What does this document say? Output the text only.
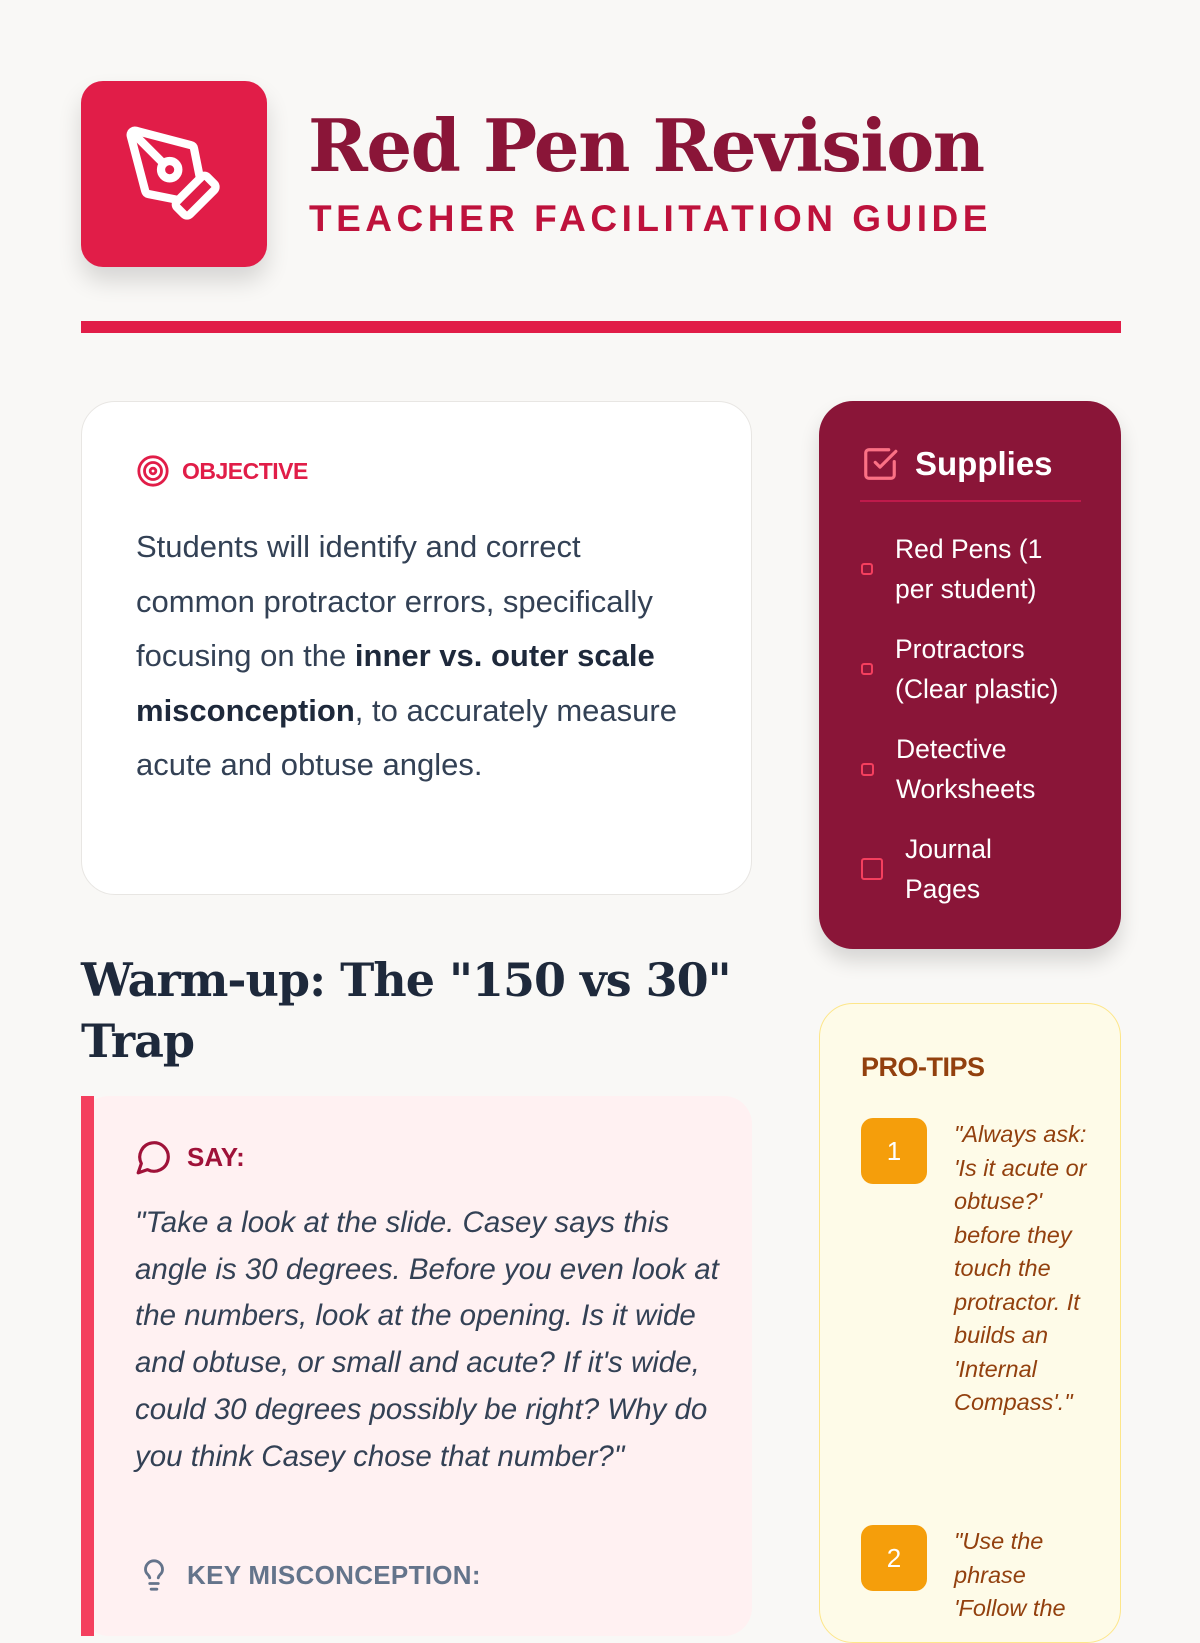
Red Pen Revision
TEACHER FACILITATION GUIDE
OBJECTIVE
Students will identify and correct common protractor errors, specifically focusing on the inner vs. outer scale misconception, to accurately measure acute and obtuse angles.
Warm-up: The "150 vs 30" Trap
SAY:
"Take a look at the slide. Casey says this angle is 30 degrees. Before you even look at the numbers, look at the opening. Is it wide and obtuse, or small and acute? If it's wide, could 30 degrees possibly be right? Why do you think Casey chose that number?"
KEY MISCONCEPTION:
Supplies
Red Pens (1 per student)
Protractors (Clear plastic)
Detective Worksheets
Journal Pages
PRO-TIPS
1
"Always ask: 'Is it acute or obtuse?' before they touch the protractor. It builds an 'Internal Compass'."
2
"Use the phrase 'Follow the
